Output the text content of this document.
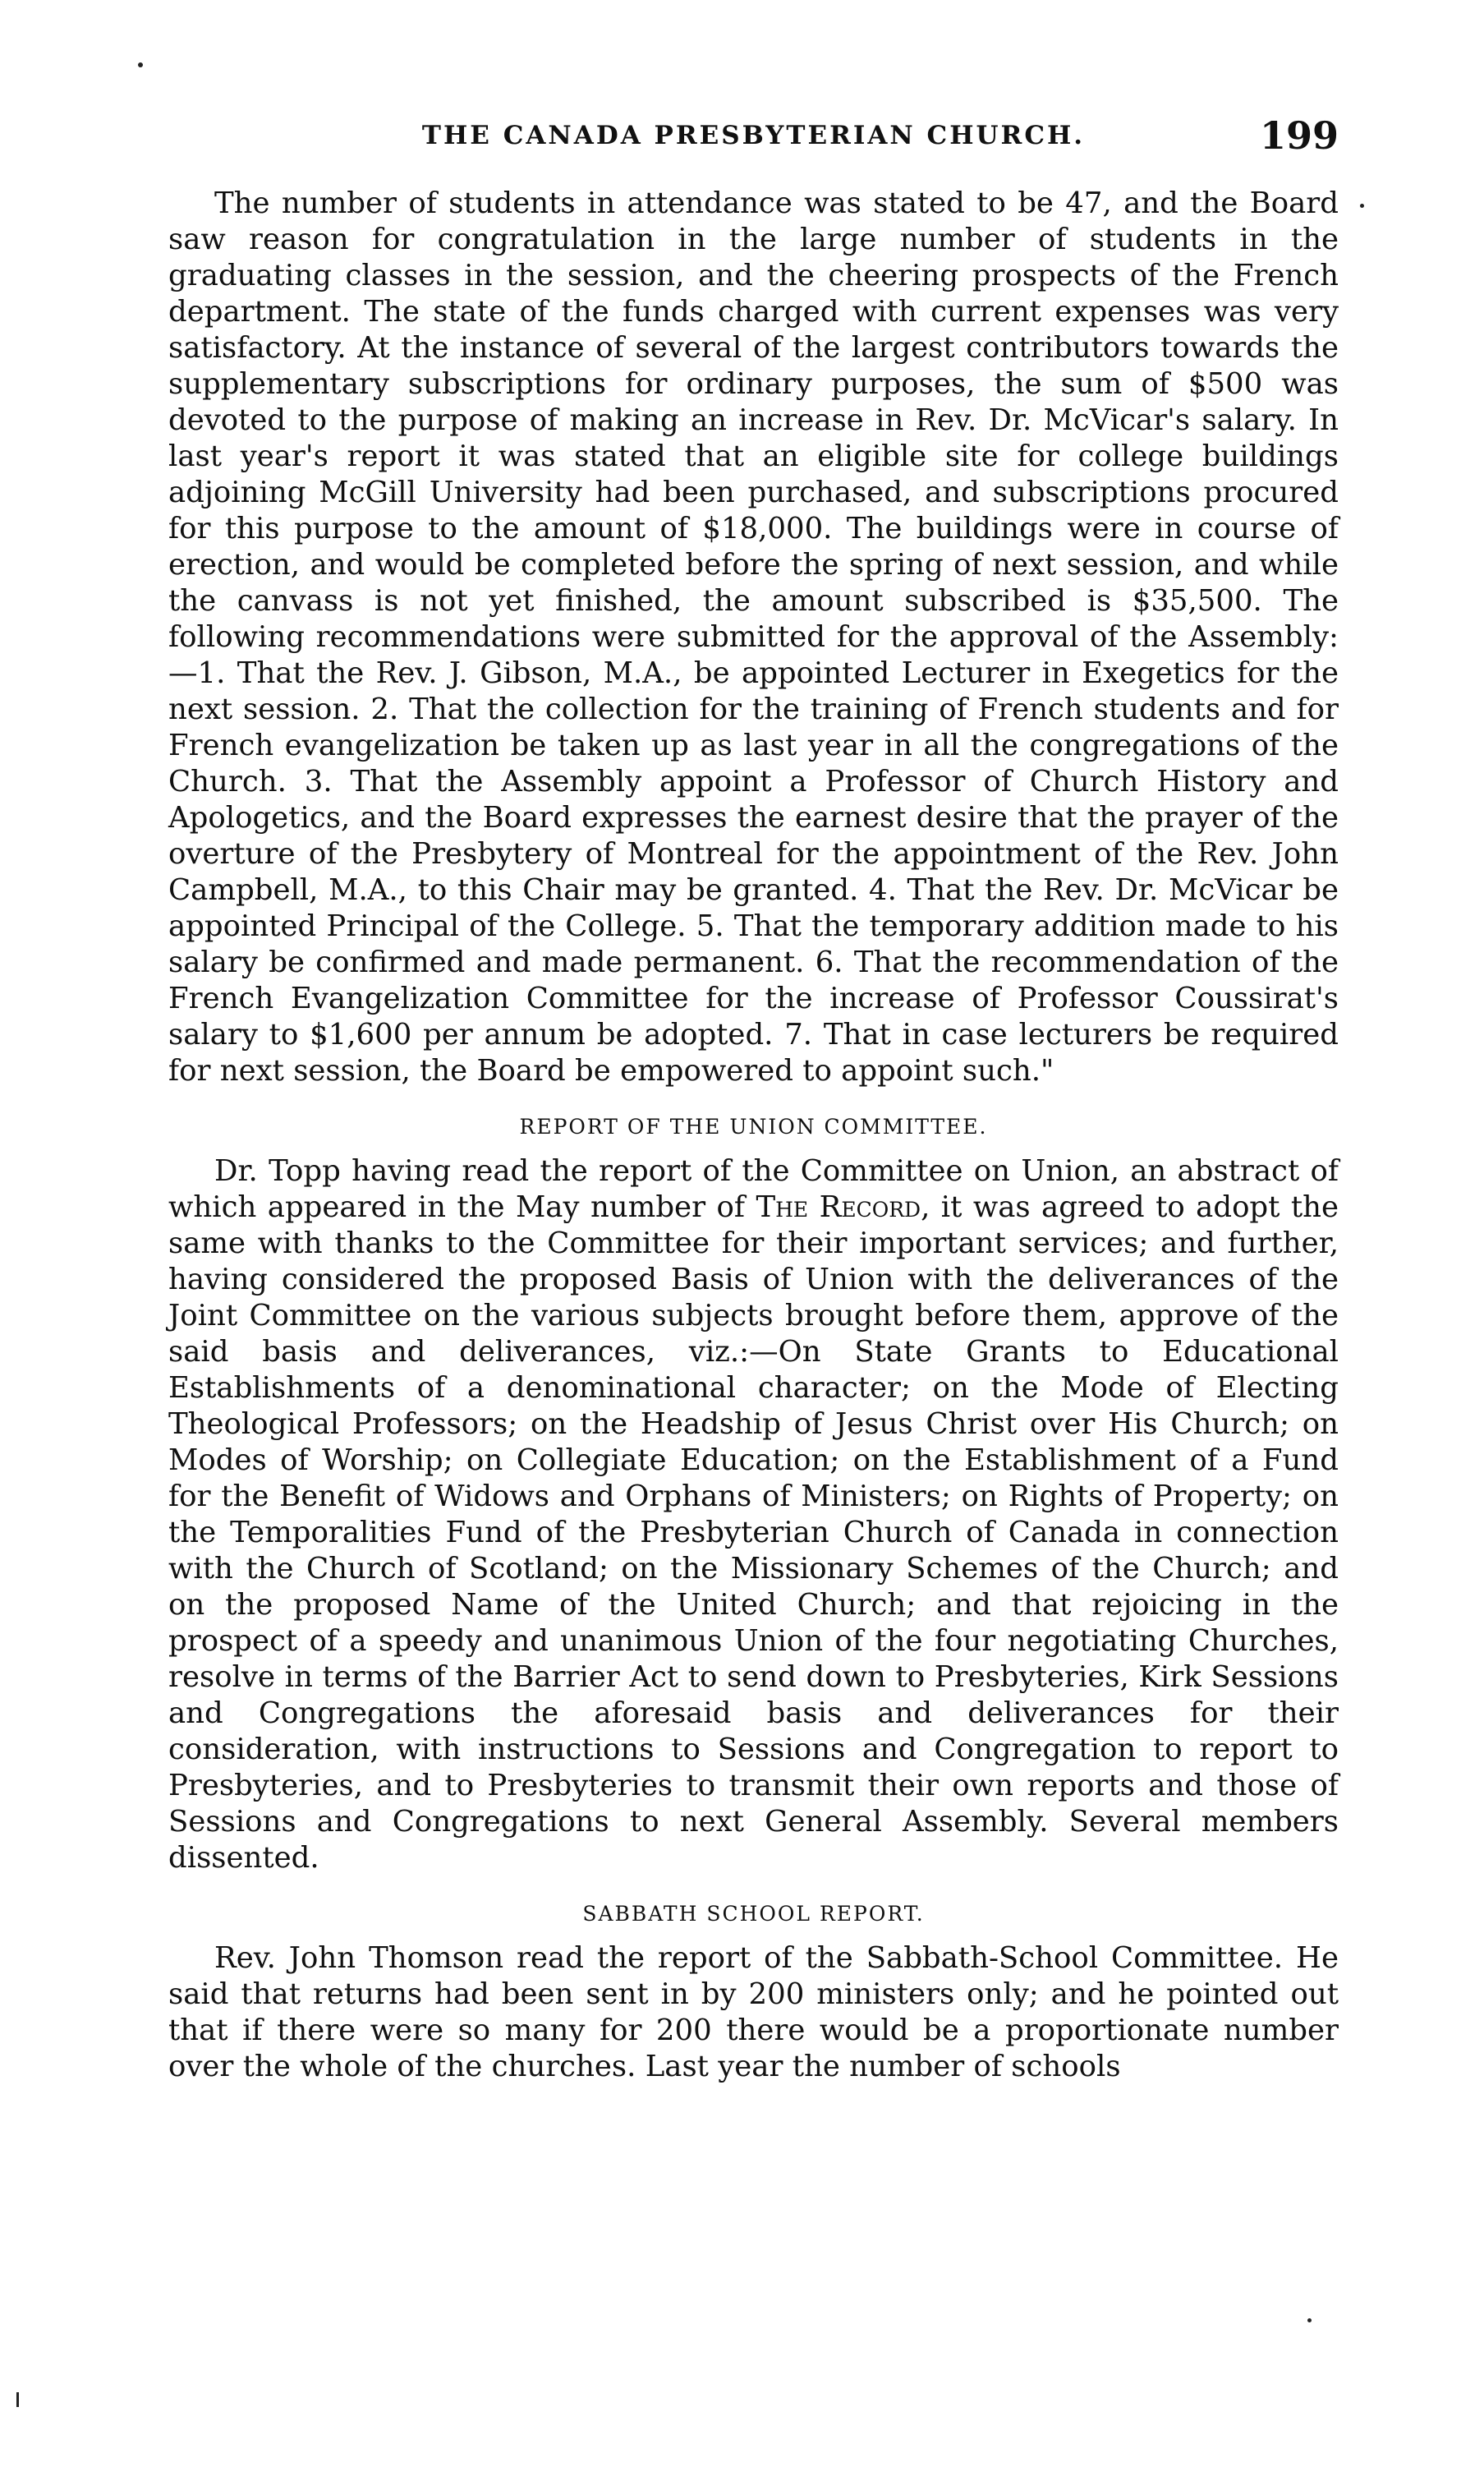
THE CANADA PRESBYTERIAN CHURCH.	199

The number of students in attendance was stated to be 47, and the Board saw reason for congratulation in the large number of students in the graduating classes in the session, and the cheering prospects of the French department. The state of the funds charged with current expenses was very satisfactory. At the instance of several of the largest contributors towards the supplementary subscriptions for ordinary purposes, the sum of $500 was devoted to the purpose of making an increase in Rev. Dr. McVicar's salary. In last year's report it was stated that an eligible site for college buildings adjoining McGill University had been purchased, and subscriptions procured for this purpose to the amount of $18,000. The buildings were in course of erection, and would be completed before the spring of next session, and while the canvass is not yet finished, the amount subscribed is $35,500. The following recommendations were submitted for the approval of the Assembly:—1. That the Rev. J. Gibson, M.A., be appointed Lecturer in Exegetics for the next session. 2. That the collection for the training of French students and for French evangelization be taken up as last year in all the congregations of the Church. 3. That the Assembly appoint a Professor of Church History and Apologetics, and the Board expresses the earnest desire that the prayer of the overture of the Presbytery of Montreal for the appointment of the Rev. John Campbell, M.A., to this Chair may be granted. 4. That the Rev. Dr. McVicar be appointed Principal of the College. 5. That the temporary addition made to his salary be confirmed and made permanent. 6. That the recommendation of the French Evangelization Committee for the increase of Professor Coussirat's salary to $1,600 per annum be adopted. 7. That in case lecturers be required for next session, the Board be empowered to appoint such."

REPORT OF THE UNION COMMITTEE.

Dr. Topp having read the report of the Committee on Union, an abstract of which appeared in the May number of The Record, it was agreed to adopt the same with thanks to the Committee for their important services; and further, having considered the proposed Basis of Union with the deliverances of the Joint Committee on the various subjects brought before them, approve of the said basis and deliverances, viz.:—On State Grants to Educational Establishments of a denominational character; on the Mode of Electing Theological Professors; on the Headship of Jesus Christ over His Church; on Modes of Worship; on Collegiate Education; on the Establishment of a Fund for the Benefit of Widows and Orphans of Ministers; on Rights of Property; on the Temporalities Fund of the Presbyterian Church of Canada in connection with the Church of Scotland; on the Missionary Schemes of the Church; and on the proposed Name of the United Church; and that rejoicing in the prospect of a speedy and unanimous Union of the four negotiating Churches, resolve in terms of the Barrier Act to send down to Presbyteries, Kirk Sessions and Congregations the aforesaid basis and deliverances for their consideration, with instructions to Sessions and Congregation to report to Presbyteries, and to Presbyteries to transmit their own reports and those of Sessions and Congregations to next General Assembly. Several members dissented.

SABBATH SCHOOL REPORT.

Rev. John Thomson read the report of the Sabbath-School Committee. He said that returns had been sent in by 200 ministers only; and he pointed out that if there were so many for 200 there would be a proportionate number over the whole of the churches. Last year the number of schools
